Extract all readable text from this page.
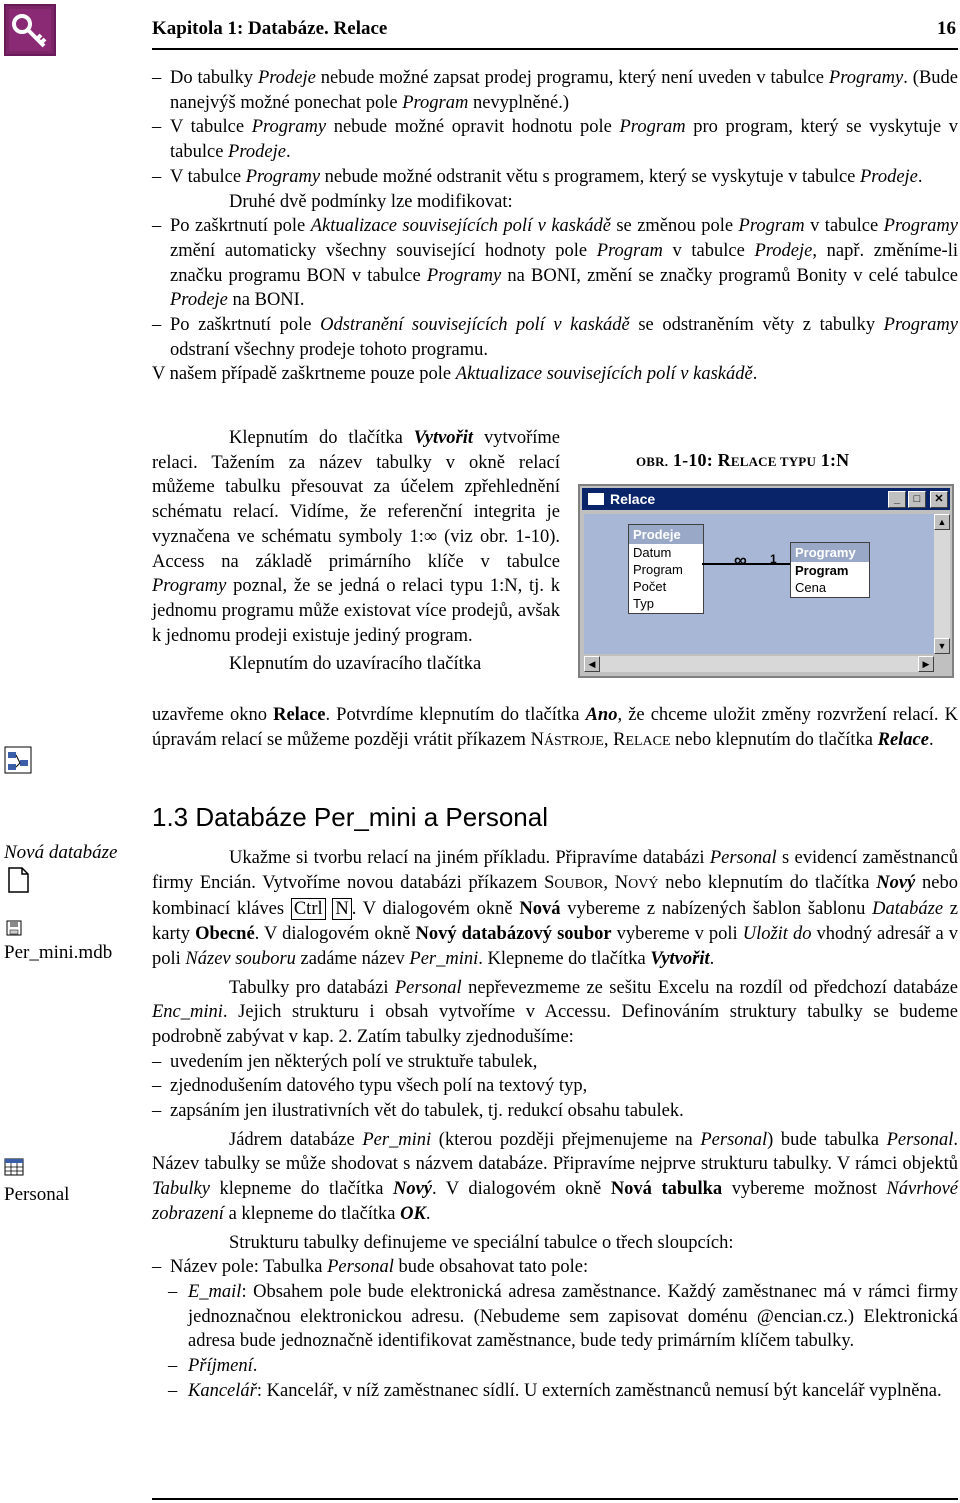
Kapitola 1: Databáze. Relace	16
Nová databáze
Per_mini.mdb
Personal

– Do tabulky Prodeje nebude možné zapsat prodej programu, který není uveden v tabulce Programy. (Bude nanejvýš možné ponechat pole Program nevyplněné.)

– V tabulce Programy nebude možné opravit hodnotu pole Program pro program, který se vyskytuje v tabulce Prodeje.

– V tabulce Programy nebude možné odstranit větu s programem, který se vyskytuje v tabulce Prodeje.

Druhé dvě podmínky lze modifikovat:

– Po zaškrtnutí pole Aktualizace souvisejících polí v kaskádě se změnou pole Program v tabulce Programy změní automaticky všechny související hodnoty pole Program v tabulce Prodeje, např. změníme-li značku programu BON v tabulce Programy na BONI, změní se značky programů Bonity v celé tabulce Prodeje na BONI.

– Po zaškrtnutí pole Odstranění souvisejících polí v kaskádě se odstraněním věty z tabulky Programy odstraní všechny prodeje tohoto programu.

V našem případě zaškrtneme pouze pole Aktualizace souvisejících polí v kaskádě.

Klepnutím do tlačítka Vytvořit vytvoříme relaci. Tažením za název tabulky v okně relací můžeme tabulku přesouvat za účelem zpřehlednění schématu relací. Vidíme, že referenční integrita je vyznačena ve schématu symboly 1:∞ (viz obr. 1-10). Access na základě primárního klíče v tabulce Programy poznal, že se jedná o relaci typu 1:N, tj. k jednomu programu může existovat více prodejů, avšak k jednomu prodeji existuje jediný program.

Klepnutím do uzavíracího tlačítka

uzavřeme okno Relace. Potvrdíme klepnutím do tlačítka Ano, že chceme uložit změny rozvržení relací. K úpravám relací se můžeme později vrátit příkazem NÁSTROJE, RELACE nebo klepnutím do tlačítka Relace.

OBR. 1-10: RELACE TYPU 1:N
Relace	_	□	✕
Prodeje
Datum
Program
Počet
Typ
Programy
Program
Cena
∞ 1
▲
▼
◀	▶
1.3 Databáze Per_mini a Personal

Ukažme si tvorbu relací na jiném příkladu. Připravíme databázi Personal s evidencí zaměstnanců firmy Encián. Vytvoříme novou databázi příkazem SOUBOR, NOVÝ nebo klepnutím do tlačítka Nový nebo kombinací kláves Ctrl N . V dialogovém okně Nová vybereme z nabízených šablon šablonu Databáze z karty Obecné. V dialogovém okně Nový databázový soubor vybereme v poli Uložit do vhodný adresář a v poli Název souboru zadáme název Per_mini. Klepneme do tlačítka Vytvořit.

Tabulky pro databázi Personal nepřevezmeme ze sešitu Excelu na rozdíl od předchozí databáze Enc_mini. Jejich strukturu i obsah vytvoříme v Accessu. Definováním struktury tabulky se budeme podrobně zabývat v kap. 2. Zatím tabulky zjednodušíme:

– uvedením jen některých polí ve struktuře tabulek,

– zjednodušením datového typu všech polí na textový typ,

– zapsáním jen ilustrativních vět do tabulek, tj. redukcí obsahu tabulek.

Jádrem databáze Per_mini (kterou později přejmenujeme na Personal) bude tabulka Personal. Název tabulky se může shodovat s názvem databáze. Připravíme nejprve strukturu tabulky. V rámci objektů Tabulky klepneme do tlačítka Nový. V dialogovém okně Nová tabulka vybereme možnost Návrhové zobrazení a klepneme do tlačítka OK.

Strukturu tabulky definujeme ve speciální tabulce o třech sloupcích:

– Název pole: Tabulka Personal bude obsahovat tato pole:

– E_mail: Obsahem pole bude elektronická adresa zaměstnance. Každý zaměstnanec má v rámci firmy jednoznačnou elektronickou adresu. (Nebudeme sem zapisovat doménu @encian.cz.) Elektronická adresa bude jednoznačně identifikovat zaměstnance, bude tedy primárním klíčem tabulky.

– Příjmení.

– Kancelář: Kancelář, v níž zaměstnanec sídlí. U externích zaměstnanců nemusí být kancelář vyplněna.
